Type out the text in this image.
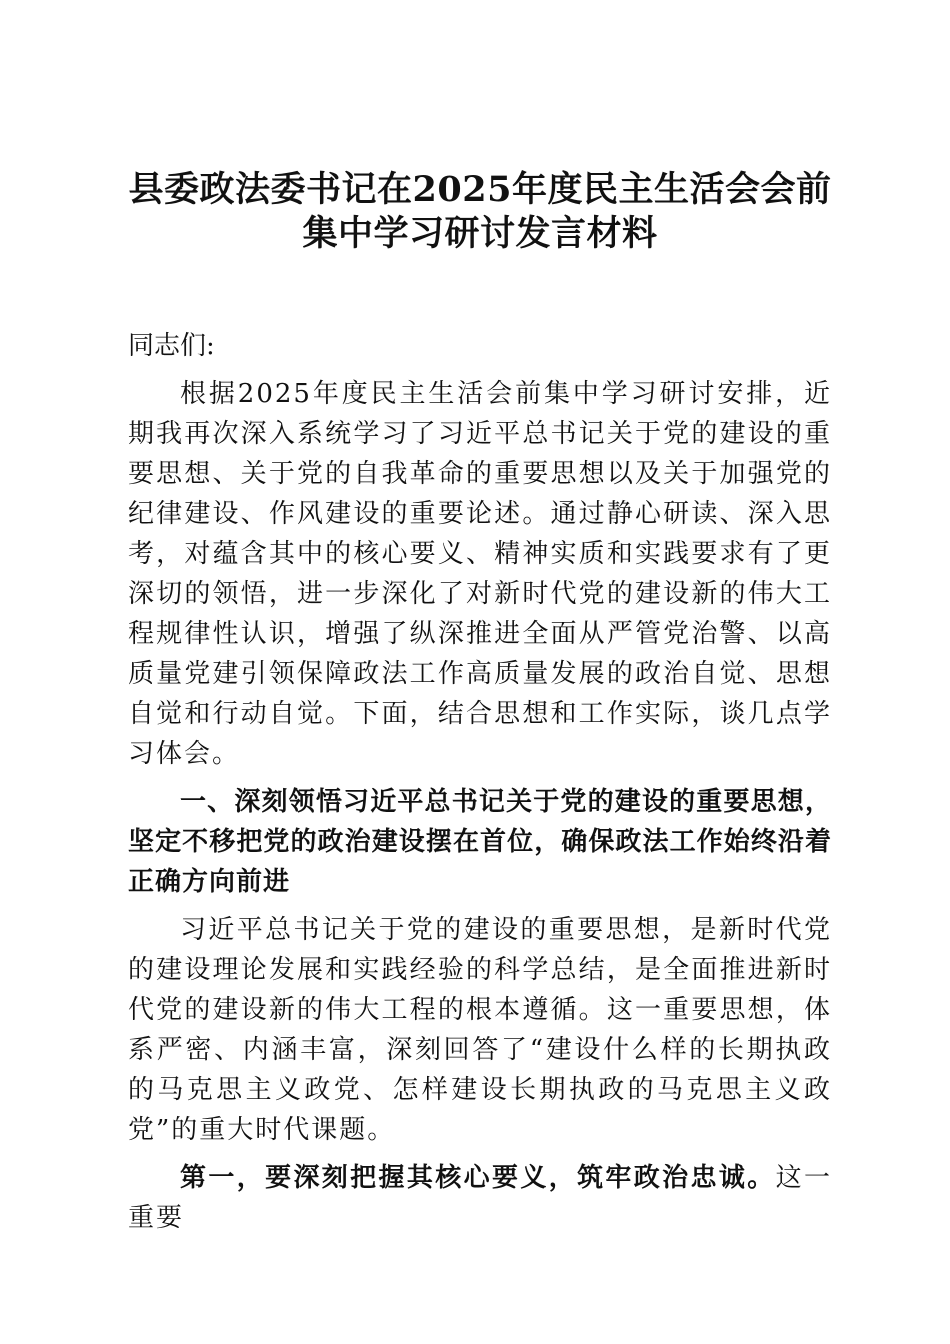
县委政法委书记在2025年度民主生活会会前
集中学习研讨发言材料

同志们:

根据2025年度民主生活会前集中学习研讨安排，近期我再次深入系统学习了习近平总书记关于党的建设的重要思想、关于党的自我革命的重要思想以及关于加强党的纪律建设、作风建设的重要论述。通过静心研读、深入思考，对蕴含其中的核心要义、精神实质和实践要求有了更深切的领悟，进一步深化了对新时代党的建设新的伟大工程规律性认识，增强了纵深推进全面从严管党治警、以高质量党建引领保障政法工作高质量发展的政治自觉、思想自觉和行动自觉。下面，结合思想和工作实际，谈几点学习体会。

一、深刻领悟习近平总书记关于党的建设的重要思想，坚定不移把党的政治建设摆在首位，确保政法工作始终沿着正确方向前进

习近平总书记关于党的建设的重要思想，是新时代党的建设理论发展和实践经验的科学总结，是全面推进新时代党的建设新的伟大工程的根本遵循。这一重要思想，体系严密、内涵丰富，深刻回答了“建设什么样的长期执政的马克思主义政党、怎样建设长期执政的马克思主义政党”的重大时代课题。

第一，要深刻把握其核心要义，筑牢政治忠诚。这一重要
